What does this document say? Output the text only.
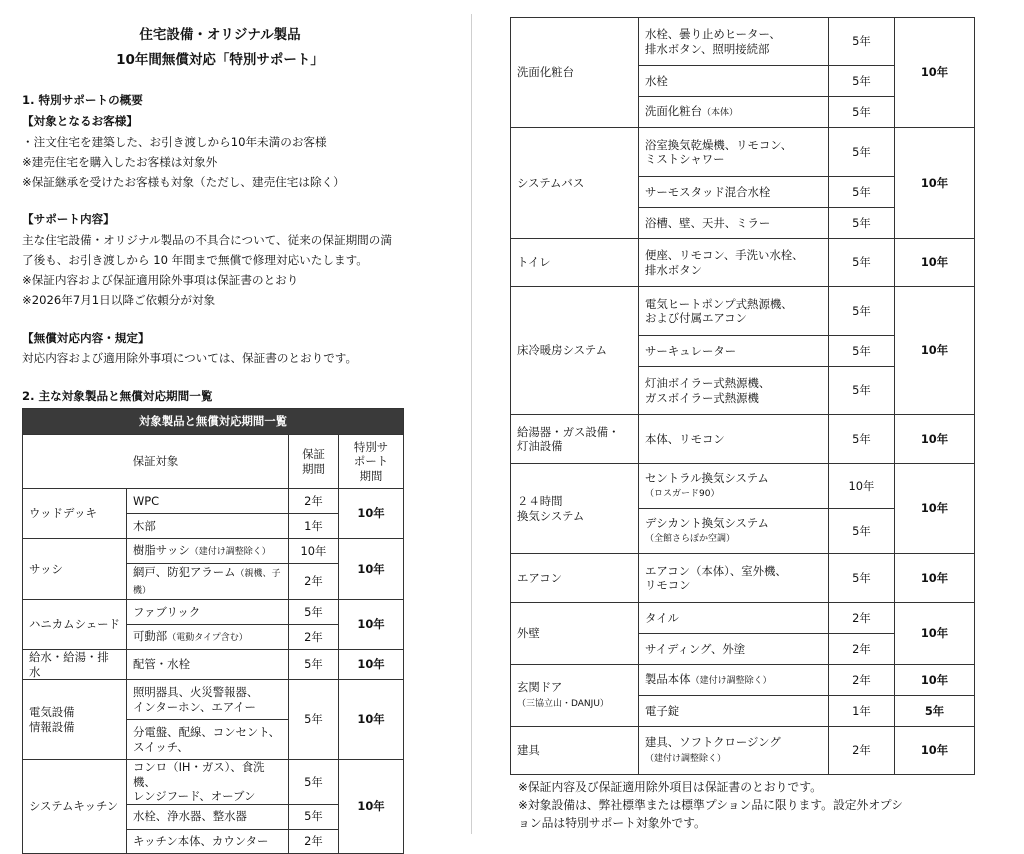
住宅設備・オリジナル製品
10年間無償対応「特別サポート」
1. 特別サポートの概要
【対象となるお客様】
・注文住宅を建築した、お引き渡しから10年未満のお客様
※建売住宅を購入したお客様は対象外
※保証継承を受けたお客様も対象（ただし、建売住宅は除く）
【サポート内容】
主な住宅設備・オリジナル製品の不具合について、従来の保証期間の満
了後も、お引き渡しから 10 年間まで無償で修理対応いたします。
※保証内容および保証適用除外事項は保証書のとおり
※2026年7月1日以降ご依頼分が対象
【無償対応内容・規定】
対応内容および適用除外事項については、保証書のとおりです。
2. 主な対象製品と無償対応期間一覧
対象製品と無償対応期間一覧			
保証対象		保証期間	特別サポート期間
ウッドデッキ	WPC	2年	10年
	木部	1年	
サッシ	樹脂サッシ（建付け調整除く）	10年	10年
	網戸、防犯アラーム（親機、子機）	2年	
ハニカムシェード	ファブリック	5年	10年
	可動部（電動タイプ含む）	2年	
給水・給湯・排水	配管・水栓	5年	10年
電気設備
情報設備	照明器具、火災警報器、
インターホン、エアイー	5年	10年
	分電盤、配線、コンセント、
スイッチ、		
システムキッチン	コンロ（IH・ガス）、食洗機、
レンジフード、オーブン	5年	10年
	水栓、浄水器、整水器	5年	
	キッチン本体、カウンター	2年	
洗面化粧台	水栓、曇り止めヒーター、
排水ボタン、照明接続部	5年	10年
	水栓	5年	
	洗面化粧台（本体）	5年	
システムバス	浴室換気乾燥機、リモコン、
ミストシャワー	5年	10年
	サーモスタッド混合水栓	5年	
	浴槽、壁、天井、ミラー	5年	
トイレ	便座、リモコン、手洗い水栓、
排水ボタン	5年	10年
床冷暖房システム	電気ヒートポンプ式熱源機、
および付属エアコン	5年	10年
	サーキュレーター	5年	
	灯油ボイラー式熱源機、
ガスボイラー式熱源機	5年	
給湯器・ガス設備・
灯油設備	本体、リモコン	5年	10年
２４時間
換気システム	セントラル換気システム
（ロスガード90）	10年	10年
	デシカント換気システム
（全館さらぽか空調）	5年	
エアコン	エアコン（本体）、室外機、
リモコン	5年	10年
外壁	タイル	2年	10年
	サイディング、外塗	2年	
玄関ドア
（三協立山・DANJU）	製品本体（建付け調整除く）	2年	10年
	電子錠	1年	5年
建具	建具、ソフトクロージング
（建付け調整除く）	2年	10年
※保証内容及び保証適用除外項目は保証書のとおりです。
※対象設備は、弊社標準または標準プション品に限ります。設定外オプシ
ョン品は特別サポート対象外です。
